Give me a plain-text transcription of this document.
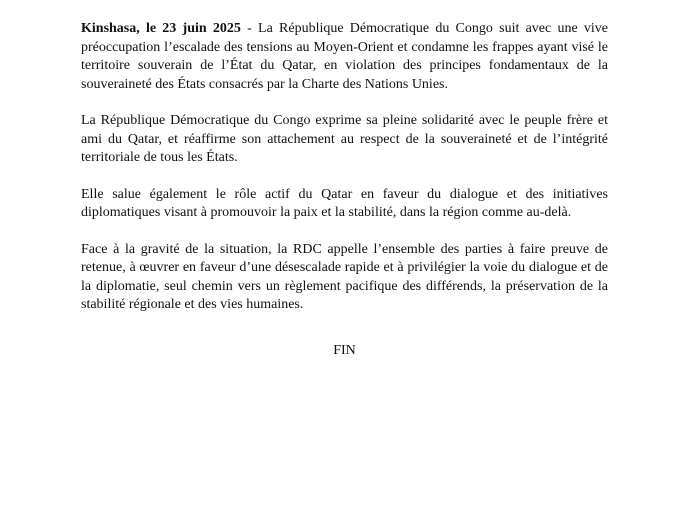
Kinshasa, le 23 juin 2025 - La République Démocratique du Congo suit avec une vive préoccupation l’escalade des tensions au Moyen-Orient et condamne les frappes ayant visé le territoire souverain de l’État du Qatar, en violation des principes fondamentaux de la souveraineté des États consacrés par la Charte des Nations Unies.

La République Démocratique du Congo exprime sa pleine solidarité avec le peuple frère et ami du Qatar, et réaffirme son attachement au respect de la souveraineté et de l’intégrité territoriale de tous les États.

Elle salue également le rôle actif du Qatar en faveur du dialogue et des initiatives diplomatiques visant à promouvoir la paix et la stabilité, dans la région comme au-delà.

Face à la gravité de la situation, la RDC appelle l’ensemble des parties à faire preuve de retenue, à œuvrer en faveur d’une désescalade rapide et à privilégier la voie du dialogue et de la diplomatie, seul chemin vers un règlement pacifique des différends, la préservation de la stabilité régionale et des vies humaines.

FIN
